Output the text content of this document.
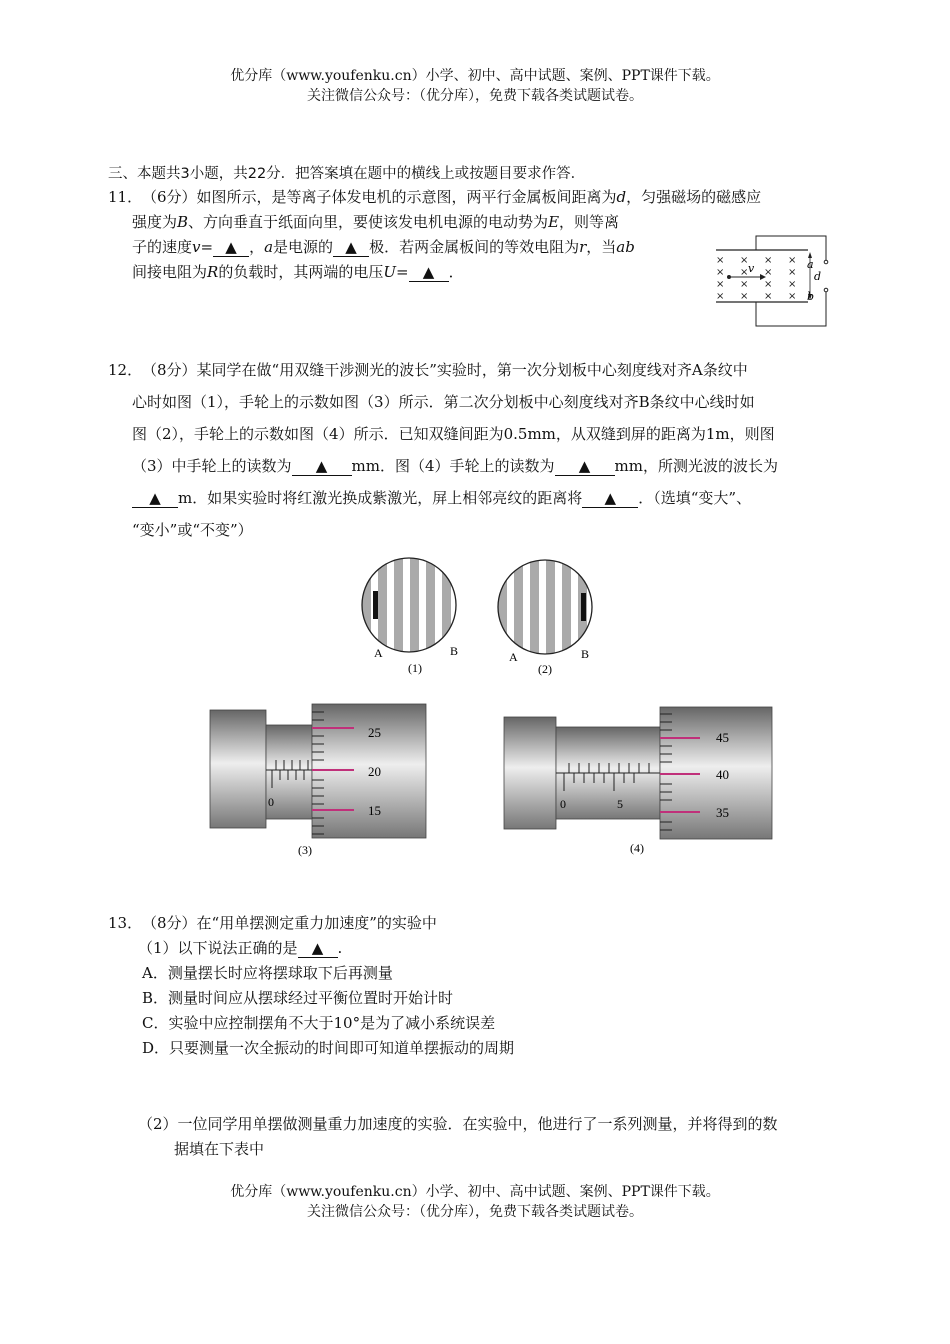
优分库（www.youfenku.cn）小学、初中、高中试题、案例、PPT课件下载。
关注微信公众号：（优分库），免费下载各类试题试卷。
三、本题共3小题，共22分．把答案填在题中的横线上或按题目要求作答．
11． （6分）如图所示，是等离子体发电机的示意图，两平行金属板间距离为d，匀强磁场的磁感应
强度为B、方向垂直于纸面向里，要使该发电机电源的电动势为E，则等离
子的速度v= ▲ ，a是电源的 ▲ 极．若两金属板间的等效电阻为r，当ab
间接电阻为R的负载时，其两端的电压U= ▲ ．
× × × ×
× × × ×
× × × ×
× × × ×
v
d
a
b
12． （8分）某同学在做“用双缝干涉测光的波长”实验时，第一次分划板中心刻度线对齐A条纹中
心时如图（1），手轮上的示数如图（3）所示．第二次分划板中心刻度线对齐B条纹中心线时如
图（2），手轮上的示数如图（4）所示．已知双缝间距为0.5mm，从双缝到屏的距离为1m，则图
（3）中手轮上的读数为 ▲ mm．图（4）手轮上的读数为 ▲ mm，所测光波的波长为
▲ m．如果实验时将红激光换成紫激光，屏上相邻亮纹的距离将 ▲ ．（选填“变大”、
“变小”或“不变”）
A	B
(1)
A	B
(2)
0
25
20
15
(3)
0	5
45
40
35
(4)
13． （8分）在“用单摆测定重力加速度”的实验中
（1）以下说法正确的是 ▲ .
A．测量摆长时应将摆球取下后再测量
B．测量时间应从摆球经过平衡位置时开始计时
C．实验中应控制摆角不大于10°是为了减小系统误差
D．只要测量一次全振动的时间即可知道单摆振动的周期
（2）一位同学用单摆做测量重力加速度的实验．在实验中，他进行了一系列测量，并将得到的数
据填在下表中
优分库（www.youfenku.cn）小学、初中、高中试题、案例、PPT课件下载。
关注微信公众号：（优分库），免费下载各类试题试卷。
